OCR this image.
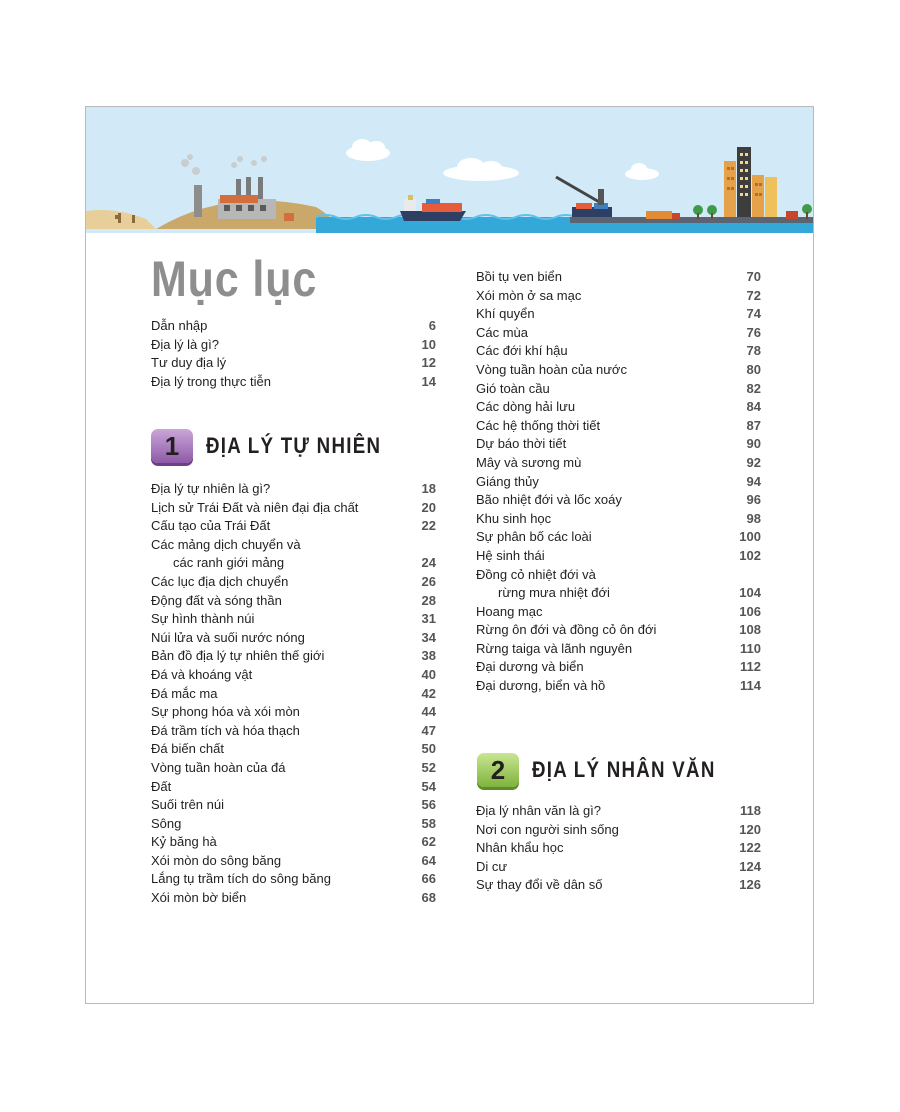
Mục lục
Dẫn nhập	6
Địa lý là gì?	10
Tư duy địa lý	12
Địa lý trong thực tiễn	14
1	ĐỊA LÝ TỰ NHIÊN
Địa lý tự nhiên là gì?	18
Lịch sử Trái Đất và niên đại địa chất	20
Cấu tạo của Trái Đất	22
Các mảng dịch chuyển và
các ranh giới mảng	24
Các lục địa dịch chuyển	26
Động đất và sóng thần	28
Sự hình thành núi	31
Núi lửa và suối nước nóng	34
Bản đồ địa lý tự nhiên thế giới	38
Đá và khoáng vật	40
Đá mắc ma	42
Sự phong hóa và xói mòn	44
Đá trầm tích và hóa thạch	47
Đá biến chất	50
Vòng tuần hoàn của đá	52
Đất	54
Suối trên núi	56
Sông	58
Kỷ băng hà	62
Xói mòn do sông băng	64
Lắng tụ trầm tích do sông băng	66
Xói mòn bờ biển	68
Bồi tụ ven biển	70
Xói mòn ở sa mạc	72
Khí quyển	74
Các mùa	76
Các đới khí hậu	78
Vòng tuần hoàn của nước	80
Gió toàn cầu	82
Các dòng hải lưu	84
Các hệ thống thời tiết	87
Dự báo thời tiết	90
Mây và sương mù	92
Giáng thủy	94
Bão nhiệt đới và lốc xoáy	96
Khu sinh học	98
Sự phân bố các loài	100
Hệ sinh thái	102
Đồng cỏ nhiệt đới và
rừng mưa nhiệt đới	104
Hoang mạc	106
Rừng ôn đới và đồng cỏ ôn đới	108
Rừng taiga và lãnh nguyên	110
Đại dương và biển	112
Đại dương, biển và hồ	114
2	ĐỊA LÝ NHÂN VĂN
Địa lý nhân văn là gì?	118
Nơi con người sinh sống	120
Nhân khẩu học	122
Di cư	124
Sự thay đổi về dân số	126
